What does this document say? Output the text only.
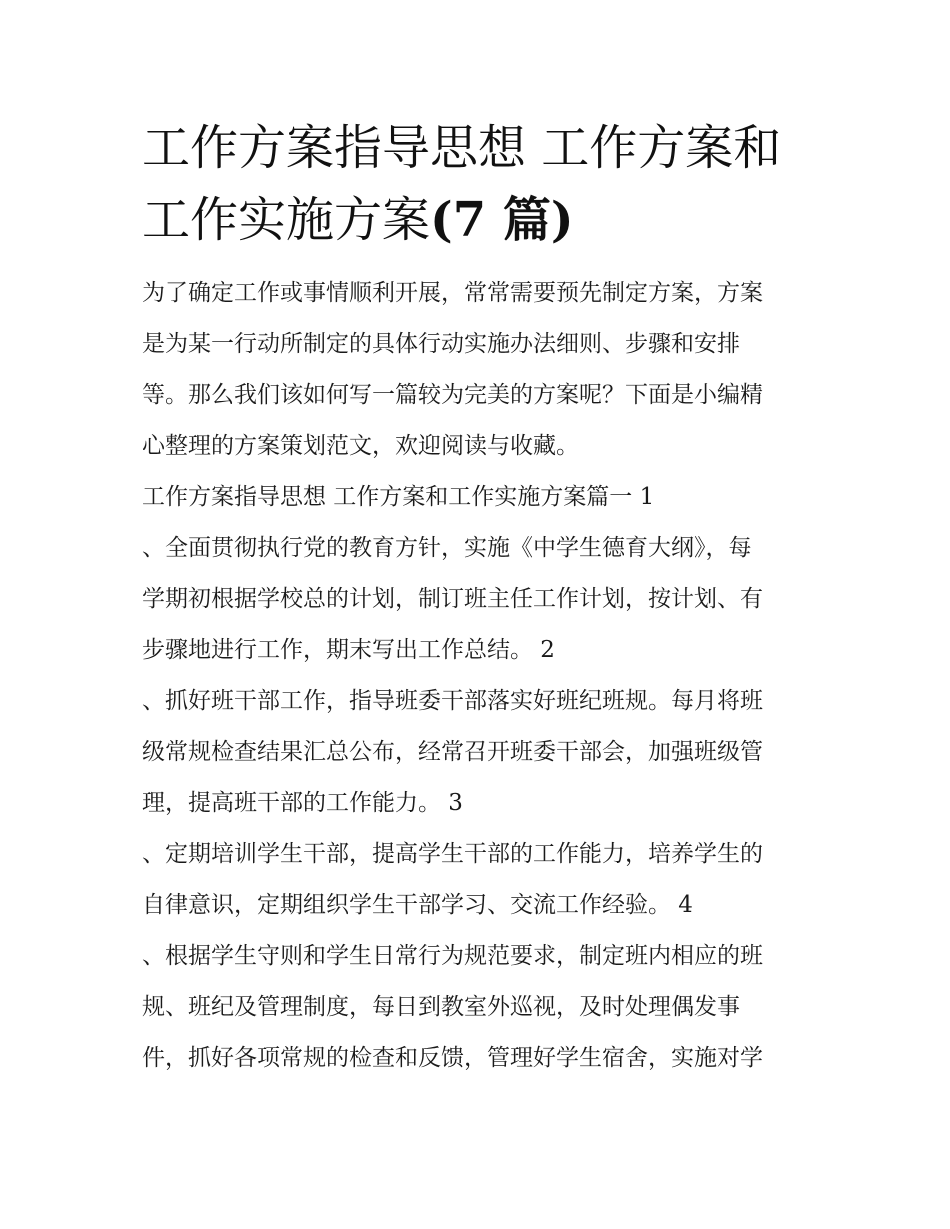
工作方案指导思想 工作方案和
工作实施方案(7 篇)

为了确定工作或事情顺利开展，常常需要预先制定方案，方案
是为某一行动所制定的具体行动实施办法细则、步骤和安排
等。那么我们该如何写一篇较为完美的方案呢？下面是小编精
心整理的方案策划范文，欢迎阅读与收藏。

工作方案指导思想 工作方案和工作实施方案篇一 1

、全面贯彻执行党的教育方针，实施《中学生德育大纲》，每
学期初根据学校总的计划，制订班主任工作计划，按计划、有
步骤地进行工作，期末写出工作总结。 2

、抓好班干部工作，指导班委干部落实好班纪班规。每月将班
级常规检查结果汇总公布，经常召开班委干部会，加强班级管
理，提高班干部的工作能力。 3

、定期培训学生干部，提高学生干部的工作能力，培养学生的
自律意识，定期组织学生干部学习、交流工作经验。 4

、根据学生守则和学生日常行为规范要求，制定班内相应的班
规、班纪及管理制度，每日到教室外巡视，及时处理偶发事
件，抓好各项常规的检查和反馈，管理好学生宿舍，实施对学
